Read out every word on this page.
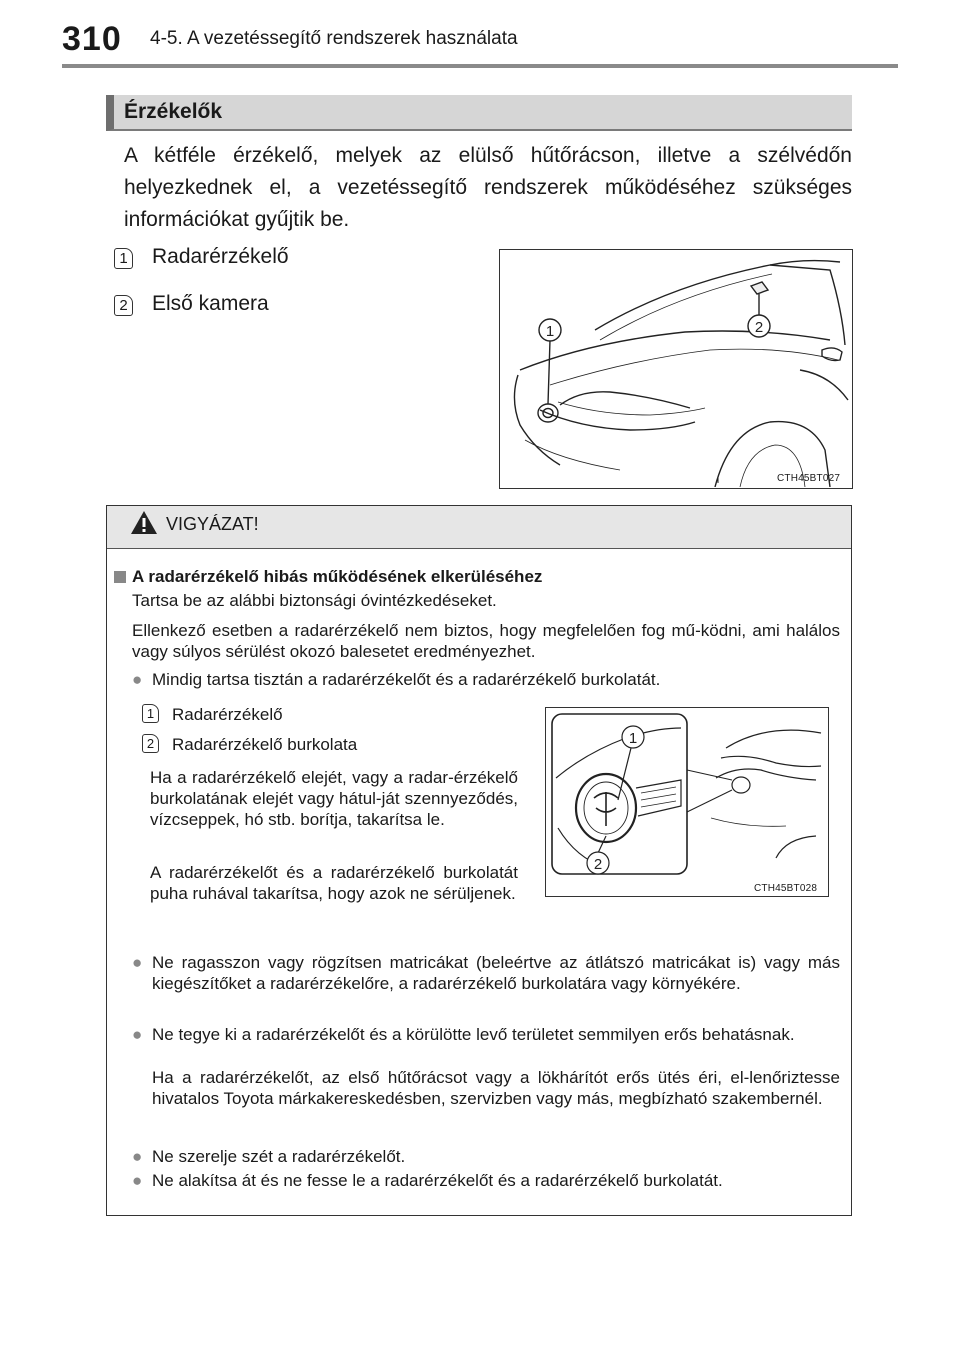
310 4-5. A vezetéssegítő rendszerek használata
Érzékelők
A kétféle érzékelő, melyek az elülső hűtőrácson, illetve a szélvédőn helyezkednek el, a vezetéssegítő rendszerek működéséhez szükséges információkat gyűjtik be.
1 Radarérzékelő
2 Első kamera
1	2
CTH45BT027
VIGYÁZAT!
A radarérzékelő hibás működésének elkerüléséhez
Tartsa be az alábbi biztonsági óvintézkedéseket.
Ellenkező esetben a radarérzékelő nem biztos, hogy megfelelően fog mű-ködni, ami halálos vagy súlyos sérülést okozó balesetet eredményezhet.
● Mindig tartsa tisztán a radarérzékelőt és a radarérzékelő burkolatát.
1 Radarérzékelő
2 Radarérzékelő burkolata
Ha a radarérzékelő elejét, vagy a radar-érzékelő burkolatának elejét vagy hátul-ját szennyeződés, vízcseppek, hó stb. borítja, takarítsa le.
A radarérzékelőt és a radarérzékelő burkolatát puha ruhával takarítsa, hogy azok ne sérüljenek.
1
2
CTH45BT028
● Ne ragasszon vagy rögzítsen matricákat (beleértve az átlátszó matricákat is) vagy más kiegészítőket a radarérzékelőre, a radarérzékelő burkolatára vagy környékére.
● Ne tegye ki a radarérzékelőt és a körülötte levő területet semmilyen erős behatásnak.
Ha a radarérzékelőt, az első hűtőrácsot vagy a lökhárítót erős ütés éri, el-lenőriztesse hivatalos Toyota márkakereskedésben, szervizben vagy más, megbízható szakembernél.
● Ne szerelje szét a radarérzékelőt.
● Ne alakítsa át és ne fesse le a radarérzékelőt és a radarérzékelő burkolatát.
